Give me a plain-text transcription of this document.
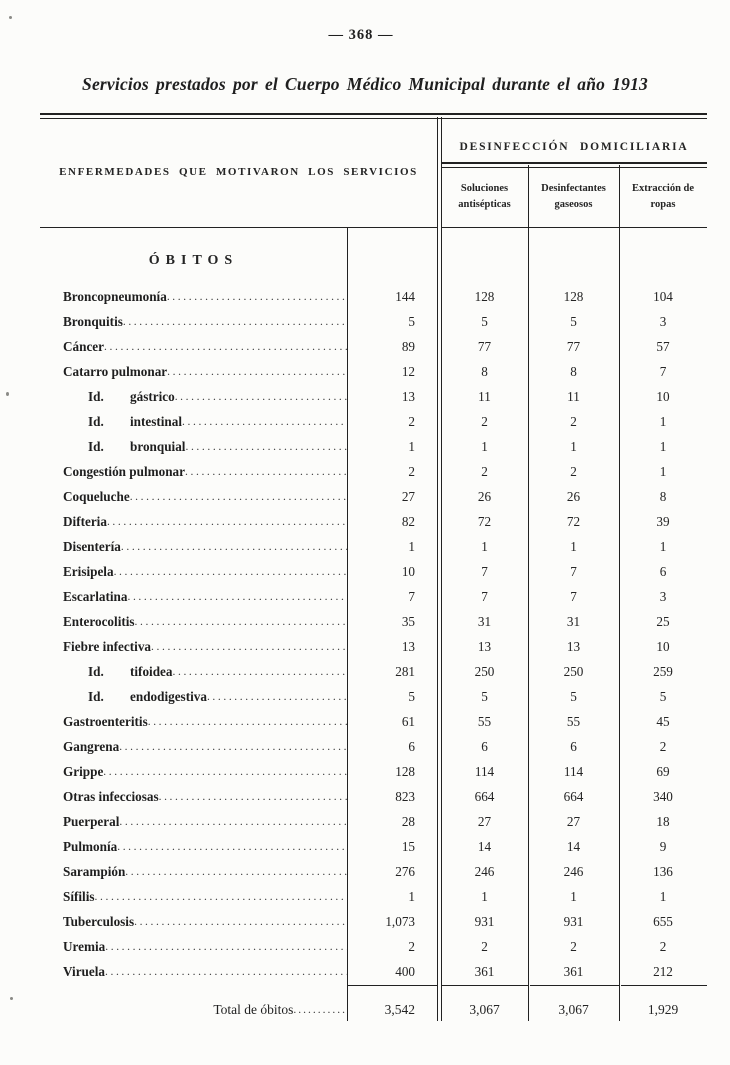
— 368 —
Servicios prestados por el Cuerpo Médico Municipal durante el año 1913
ENFERMEDADES QUE MOTIVARON LOS SERVICIOS
DESINFECCIÓN DOMICILIARIA
Soluciones antisépticas
Desinfectantes gaseosos
Extracción de ropas
ÓBITOS
Broncopneumonía .....	144	128	128	104
Bronquitis .....	5	5	5	3
Cáncer .....	89	77	77	57
Catarro pulmonar .....	12	8	8	7
Id.	gástrico .....	13	11	11	10
Id.	intestinal .....	2	2	2	1
Id.	bronquial .....	1	1	1	1
Congestión pulmonar .....	2	2	2	1
Coqueluche .....	27	26	26	8
Difteria .....	82	72	72	39
Disentería .....	1	1	1	1
Erisipela .....	10	7	7	6
Escarlatina .....	7	7	7	3
Enterocolitis .....	35	31	31	25
Fiebre infectiva .....	13	13	13	10
Id.	tifoidea .....	281	250	250	259
Id.	endodigestiva .....	5	5	5	5
Gastroenteritis .....	61	55	55	45
Gangrena .....	6	6	6	2
Grippe .....	128	114	114	69
Otras infecciosas .....	823	664	664	340
Puerperal .....	28	27	27	18
Pulmonía .....	15	14	14	9
Sarampión .....	276	246	246	136
Sífilis .....	1	1	1	1
Tuberculosis .....	1,073	931	931	655
Uremia .....	2	2	2	2
Viruela .....	400	361	361	212
Total de óbitos .....	3,542	3,067	3,067	1,929
